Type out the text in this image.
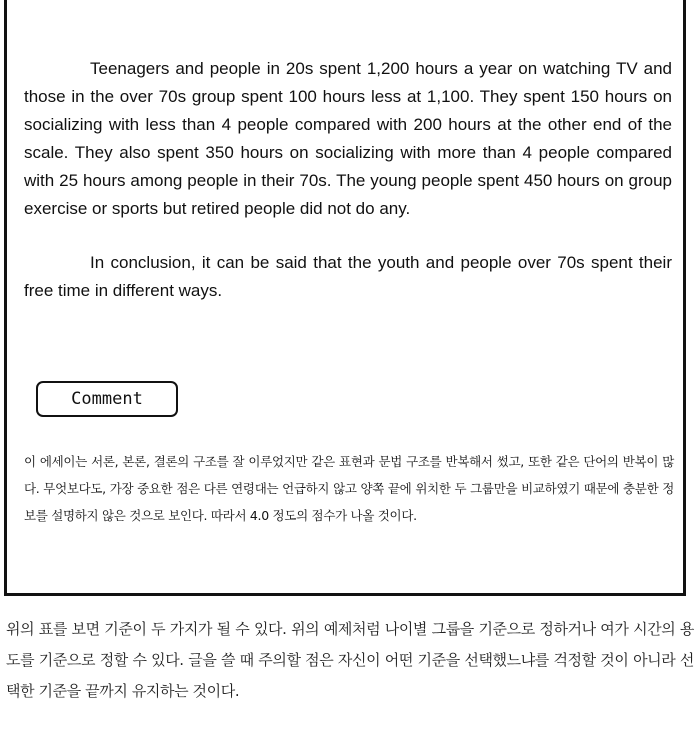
Teenagers and people in 20s spent 1,200 hours a year on watching TV and those in the over 70s group spent 100 hours less at 1,100. They spent 150 hours on socializing with less than 4 people compared with 200 hours at the other end of the scale. They also spent 350 hours on socializing with more than 4 people compared with 25 hours among people in their 70s. The young people spent 450 hours on group exercise or sports but retired people did not do any.

In conclusion, it can be said that the youth and people over 70s spent their free time in different ways.

Comment

이 에세이는 서론, 본론, 결론의 구조를 잘 이루었지만 같은 표현과 문법 구조를 반복해서 썼고, 또한 같은 단어의 반복이 많다. 무엇보다도, 가장 중요한 점은 다른 연령대는 언급하지 않고 양쪽 끝에 위치한 두 그룹만을 비교하였기 때문에 충분한 정보를 설명하지 않은 것으로 보인다. 따라서 4.0 정도의 점수가 나올 것이다.

위의 표를 보면 기준이 두 가지가 될 수 있다. 위의 예제처럼 나이별 그룹을 기준으로 정하거나 여가 시간의 용도를 기준으로 정할 수 있다. 글을 쓸 때 주의할 점은 자신이 어떤 기준을 선택했느냐를 걱정할 것이 아니라 선택한 기준을 끝까지 유지하는 것이다.
